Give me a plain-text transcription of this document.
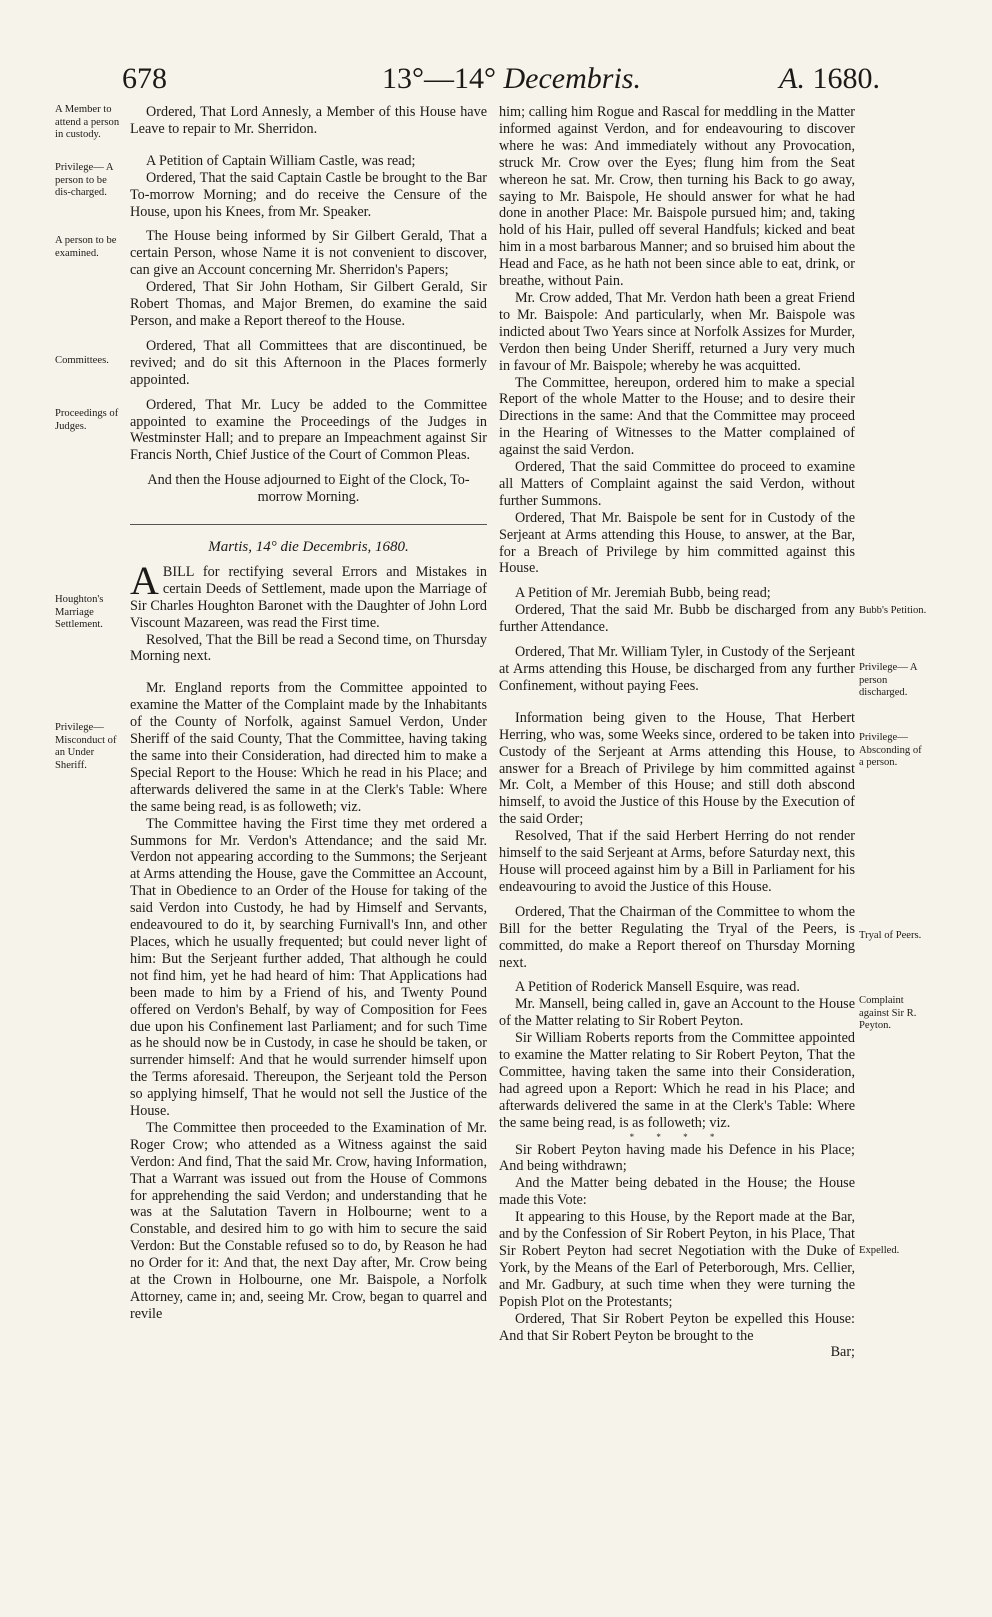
678	13°—14° Decembris.	A. 1680.
A Member to attend a person in custody.
Privilege— A person to be dis-charged.
A person to be examined.
Committees.
Proceedings of Judges.
Houghton's Marriage Settlement.
Privilege— Misconduct of an Under Sheriff.
Bubb's Petition.
Privilege— A person discharged.
Privilege— Absconding of a person.
Tryal of Peers.
Complaint against Sir R. Peyton.
Expelled.

Ordered, That Lord Annesly, a Member of this House have Leave to repair to Mr. Sherridon.

A Petition of Captain William Castle, was read;

Ordered, That the said Captain Castle be brought to the Bar To-morrow Morning; and do receive the Censure of the House, upon his Knees, from Mr. Speaker.

The House being informed by Sir Gilbert Gerald, That a certain Person, whose Name it is not convenient to discover, can give an Account concerning Mr. Sherridon's Papers;

Ordered, That Sir John Hotham, Sir Gilbert Gerald, Sir Robert Thomas, and Major Bremen, do examine the said Person, and make a Report thereof to the House.

Ordered, That all Committees that are discontinued, be revived; and do sit this Afternoon in the Places formerly appointed.

Ordered, That Mr. Lucy be added to the Committee appointed to examine the Proceedings of the Judges in Westminster Hall; and to prepare an Impeachment against Sir Francis North, Chief Justice of the Court of Common Pleas.

And then the House adjourned to Eight of the Clock, To-morrow Morning.

Martis, 14° die Decembris, 1680.

ABILL for rectifying several Errors and Mistakes in certain Deeds of Settlement, made upon the Marriage of Sir Charles Houghton Baronet with the Daughter of John Lord Viscount Mazareen, was read the First time.

Resolved, That the Bill be read a Second time, on Thursday Morning next.

Mr. England reports from the Committee appointed to examine the Matter of the Complaint made by the Inhabitants of the County of Norfolk, against Samuel Verdon, Under Sheriff of the said County, That the Committee, having taking the same into their Consideration, had directed him to make a Special Report to the House: Which he read in his Place; and afterwards delivered the same in at the Clerk's Table: Where the same being read, is as followeth; viz.

The Committee having the First time they met ordered a Summons for Mr. Verdon's Attendance; and the said Mr. Verdon not appearing according to the Summons; the Serjeant at Arms attending the House, gave the Committee an Account, That in Obedience to an Order of the House for taking of the said Verdon into Custody, he had by Himself and Servants, endeavoured to do it, by searching Furnivall's Inn, and other Places, which he usually frequented; but could never light of him: But the Serjeant further added, That although he could not find him, yet he had heard of him: That Applications had been made to him by a Friend of his, and Twenty Pound offered on Verdon's Behalf, by way of Composition for Fees due upon his Confinement last Parliament; and for such Time as he should now be in Custody, in case he should be taken, or surrender himself: And that he would surrender himself upon the Terms aforesaid. Thereupon, the Serjeant told the Person so applying himself, That he would not sell the Justice of the House.

The Committee then proceeded to the Examination of Mr. Roger Crow; who attended as a Witness against the said Verdon: And find, That the said Mr. Crow, having Information, That a Warrant was issued out from the House of Commons for apprehending the said Verdon; and understanding that he was at the Salutation Tavern in Holbourne; went to a Constable, and desired him to go with him to secure the said Verdon: But the Constable refused so to do, by Reason he had no Order for it: And that, the next Day after, Mr. Crow being at the Crown in Holbourne, one Mr. Baispole, a Norfolk Attorney, came in; and, seeing Mr. Crow, began to quarrel and revile

him; calling him Rogue and Rascal for meddling in the Matter informed against Verdon, and for endeavouring to discover where he was: And immediately without any Provocation, struck Mr. Crow over the Eyes; flung him from the Seat whereon he sat. Mr. Crow, then turning his Back to go away, saying to Mr. Baispole, He should answer for what he had done in another Place: Mr. Baispole pursued him; and, taking hold of his Hair, pulled off several Handfuls; kicked and beat him in a most barbarous Manner; and so bruised him about the Head and Face, as he hath not been since able to eat, drink, or breathe, without Pain.

Mr. Crow added, That Mr. Verdon hath been a great Friend to Mr. Baispole: And particularly, when Mr. Baispole was indicted about Two Years since at Norfolk Assizes for Murder, Verdon then being Under Sheriff, returned a Jury very much in favour of Mr. Baispole; whereby he was acquitted.

The Committee, hereupon, ordered him to make a special Report of the whole Matter to the House; and to desire their Directions in the same: And that the Committee may proceed in the Hearing of Witnesses to the Matter complained of against the said Verdon.

Ordered, That the said Committee do proceed to examine all Matters of Complaint against the said Verdon, without further Summons.

Ordered, That Mr. Baispole be sent for in Custody of the Serjeant at Arms attending this House, to answer, at the Bar, for a Breach of Privilege by him committed against this House.

A Petition of Mr. Jeremiah Bubb, being read;

Ordered, That the said Mr. Bubb be discharged from any further Attendance.

Ordered, That Mr. William Tyler, in Custody of the Serjeant at Arms attending this House, be discharged from any further Confinement, without paying Fees.

Information being given to the House, That Herbert Herring, who was, some Weeks since, ordered to be taken into Custody of the Serjeant at Arms attending this House, to answer for a Breach of Privilege by him committed against Mr. Colt, a Member of this House; and still doth abscond himself, to avoid the Justice of this House by the Execution of the said Order;

Resolved, That if the said Herbert Herring do not render himself to the said Serjeant at Arms, before Saturday next, this House will proceed against him by a Bill in Parliament for his endeavouring to avoid the Justice of this House.

Ordered, That the Chairman of the Committee to whom the Bill for the better Regulating the Tryal of the Peers, is committed, do make a Report thereof on Thursday Morning next.

A Petition of Roderick Mansell Esquire, was read.

Mr. Mansell, being called in, gave an Account to the House of the Matter relating to Sir Robert Peyton.

Sir William Roberts reports from the Committee appointed to examine the Matter relating to Sir Robert Peyton, That the Committee, having taken the same into their Consideration, had agreed upon a Report: Which he read in his Place; and afterwards delivered the same in at the Clerk's Table: Where the same being read, is as followeth; viz.

* * * *

Sir Robert Peyton having made his Defence in his Place; And being withdrawn;

And the Matter being debated in the House; the House made this Vote:

It appearing to this House, by the Report made at the Bar, and by the Confession of Sir Robert Peyton, in his Place, That Sir Robert Peyton had secret Negotiation with the Duke of York, by the Means of the Earl of Peterborough, Mrs. Cellier, and Mr. Gadbury, at such time when they were turning the Popish Plot on the Protestants;

Ordered, That Sir Robert Peyton be expelled this House: And that Sir Robert Peyton be brought to the

Bar;
